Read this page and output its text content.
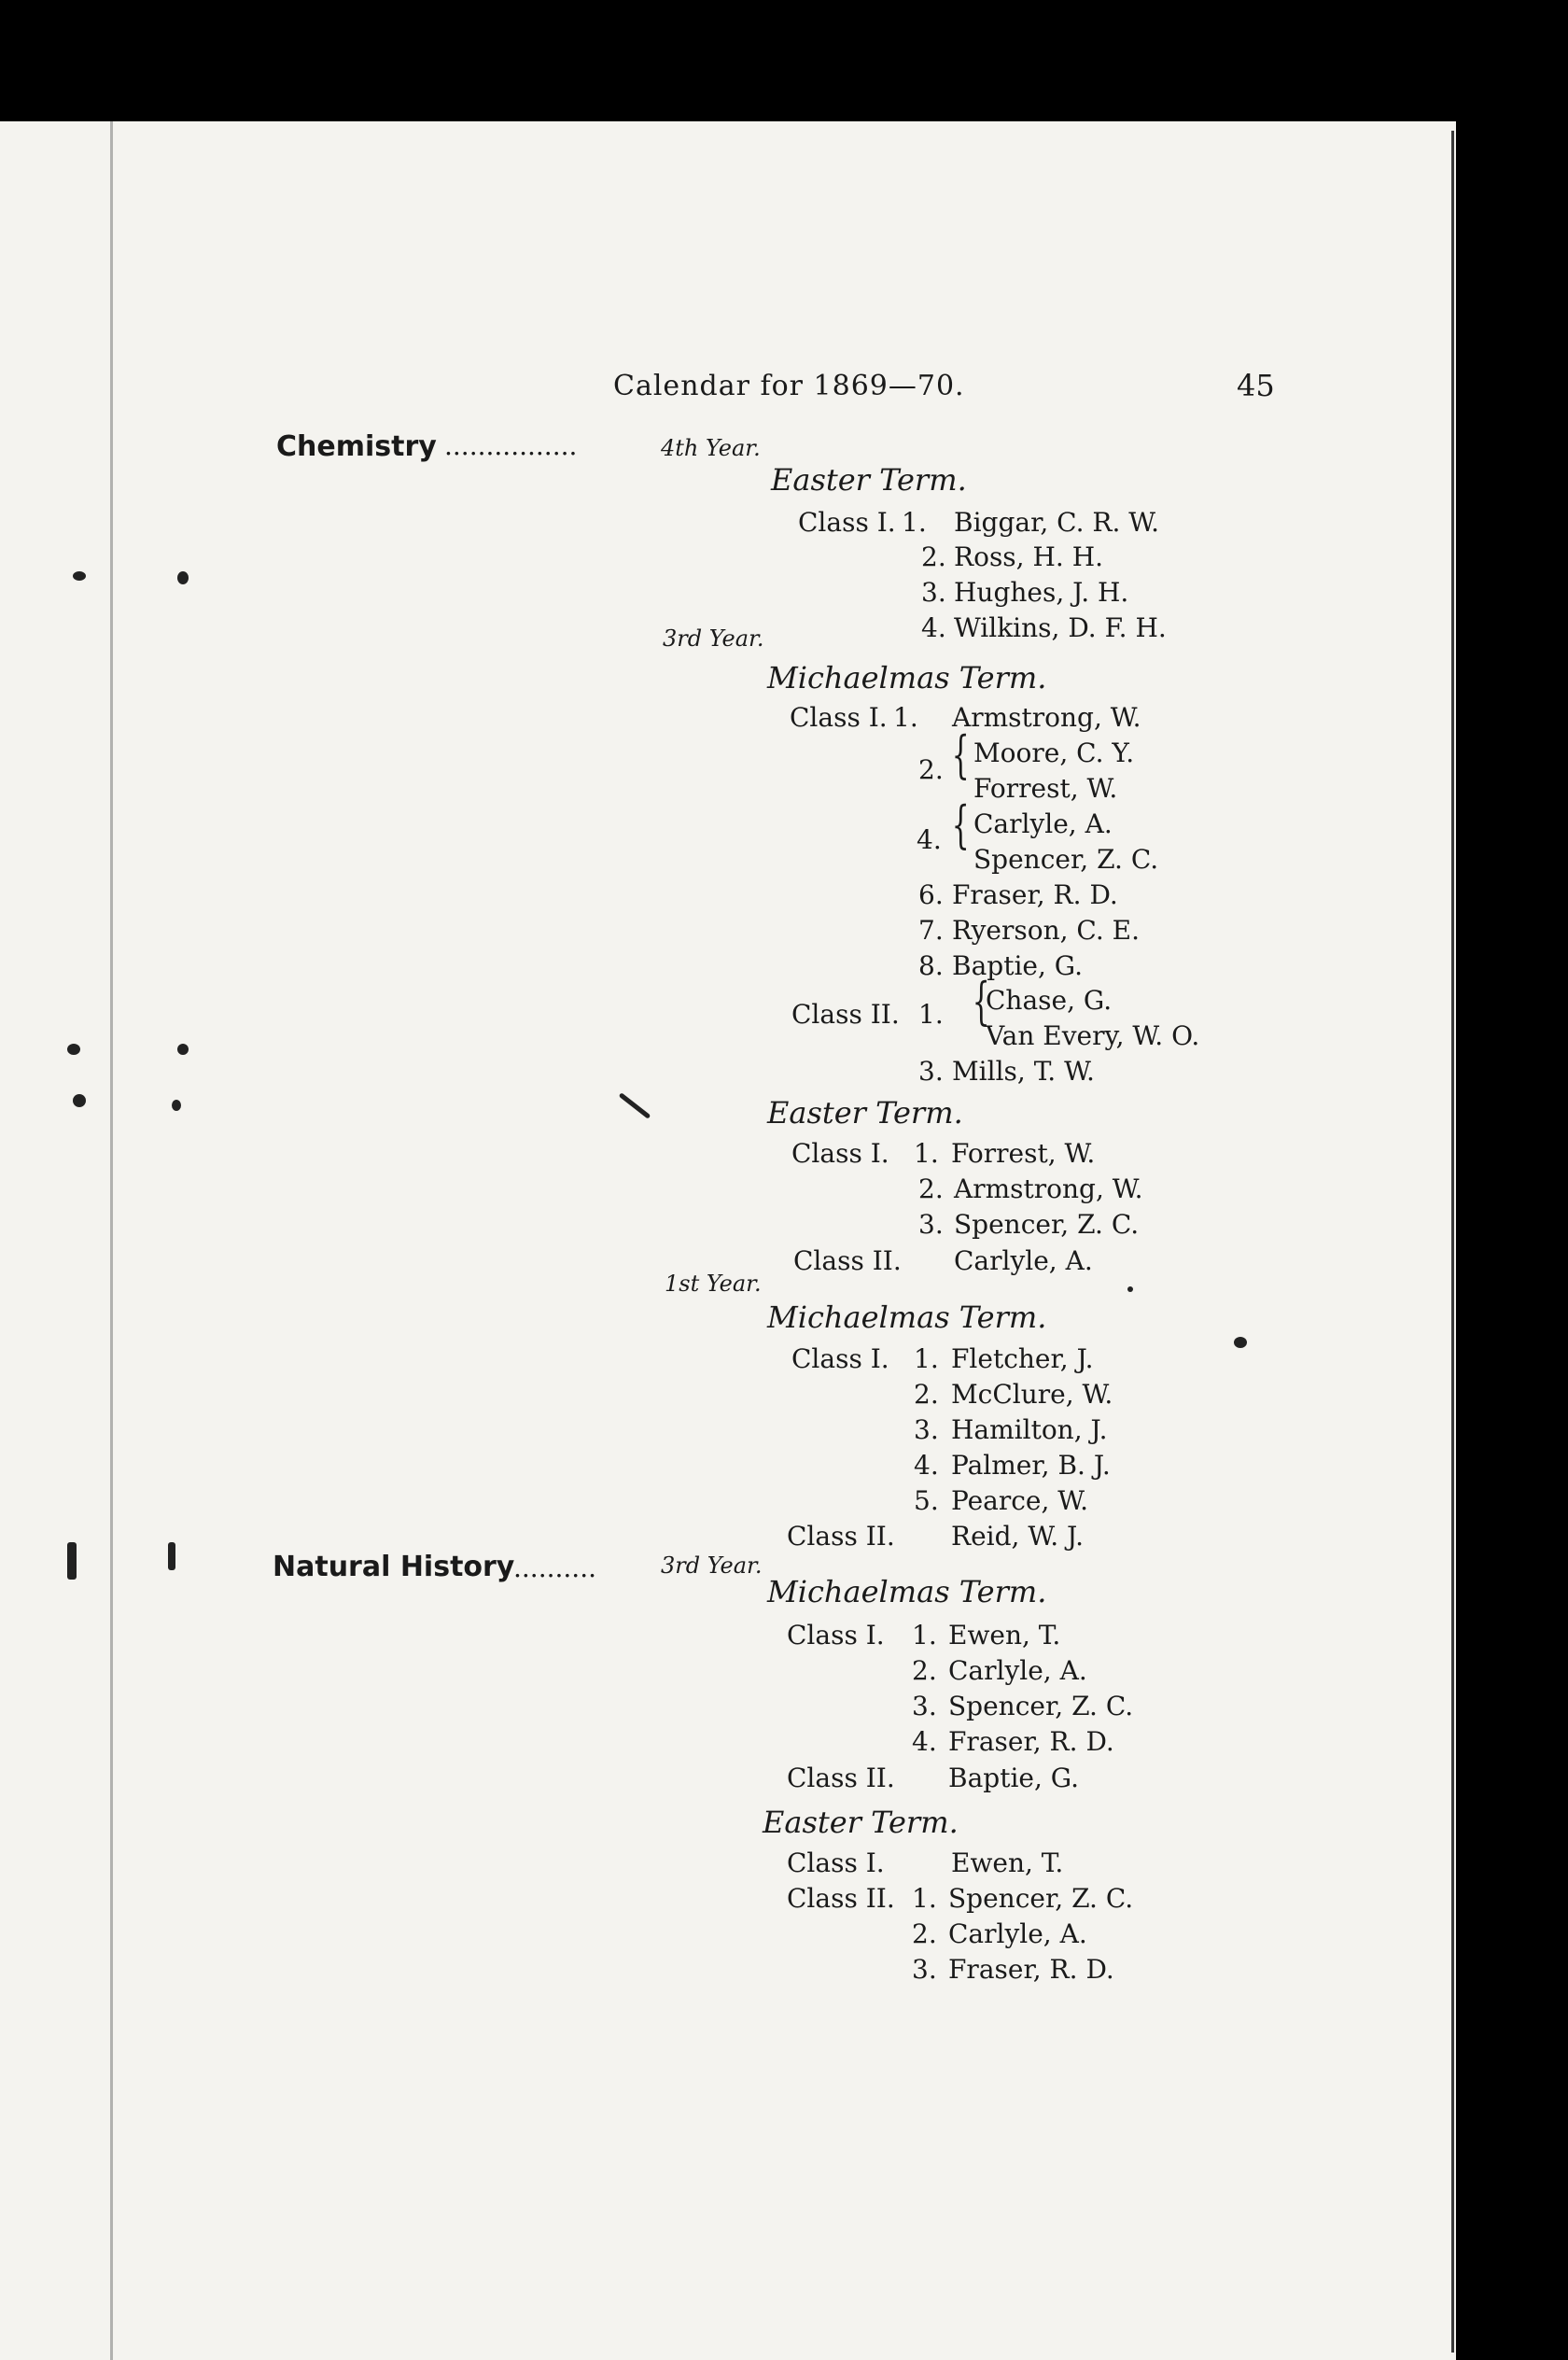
Calendar for 1869—70.	45
Chemistry ................	4th Year.
Easter Term.
Class I. 1. Biggar, C. R. W.
2. Ross, H. H.
3. Hughes, J. H.
4. Wilkins, D. F. H.
3rd Year.
Michaelmas Term.
Class I. 1. Armstrong, W.
2. { Moore, C. Y.
Forrest, W.
4. { Carlyle, A.
Spencer, Z. C.
6. Fraser, R. D.
7. Ryerson, C. E.
8. Baptie, G.
Class II. 1. {
Chase, G.
Van Every, W. O.
3. Mills, T. W.
Easter Term.
Class I. 1. Forrest, W.
2. Armstrong, W.
3. Spencer, Z. C.
Class II. Carlyle, A.
1st Year.
Michaelmas Term.
Class I. 1. Fletcher, J.
2. McClure, W.
3. Hamilton, J.
4. Palmer, B. J.
5. Pearce, W.
Class II. Reid, W. J.
Natural History
..........	3rd Year.
Michaelmas Term.
Class I. 1. Ewen, T.
2. Carlyle, A.
3. Spencer, Z. C.
4. Fraser, R. D.
Class II. Baptie, G.
Easter Term.
Class I.	Ewen, T.
Class II. 1. Spencer, Z. C.
2. Carlyle, A.
3. Fraser, R. D.
